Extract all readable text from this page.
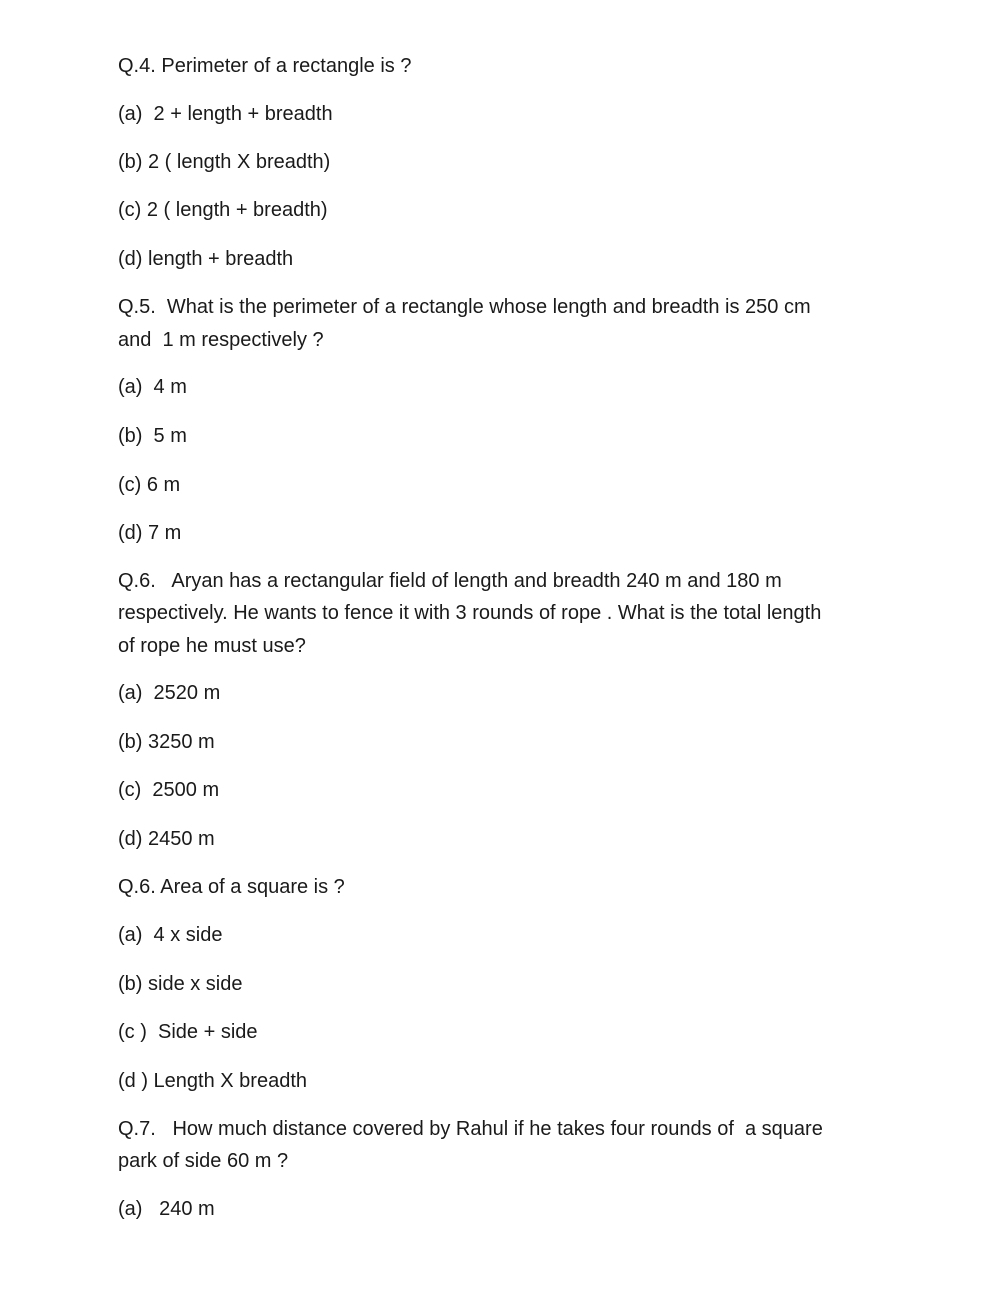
Q.4. Perimeter of a rectangle is ?
(a)  2 + length + breadth
(b) 2 ( length X breadth)
(c) 2 ( length + breadth)
(d) length + breadth
Q.5.  What is the perimeter of a rectangle whose length and breadth is 250 cm
and  1 m respectively ?
(a)  4 m
(b)  5 m
(c) 6 m
(d) 7 m
Q.6.   Aryan has a rectangular field of length and breadth 240 m and 180 m
respectively. He wants to fence it with 3 rounds of rope . What is the total length
of rope he must use?
(a)  2520 m
(b) 3250 m
(c)  2500 m
(d) 2450 m
Q.6. Area of a square is ?
(a)  4 x side
(b) side x side
(c )  Side + side
(d ) Length X breadth
Q.7.   How much distance covered by Rahul if he takes four rounds of  a square
park of side 60 m ?
(a)   240 m
